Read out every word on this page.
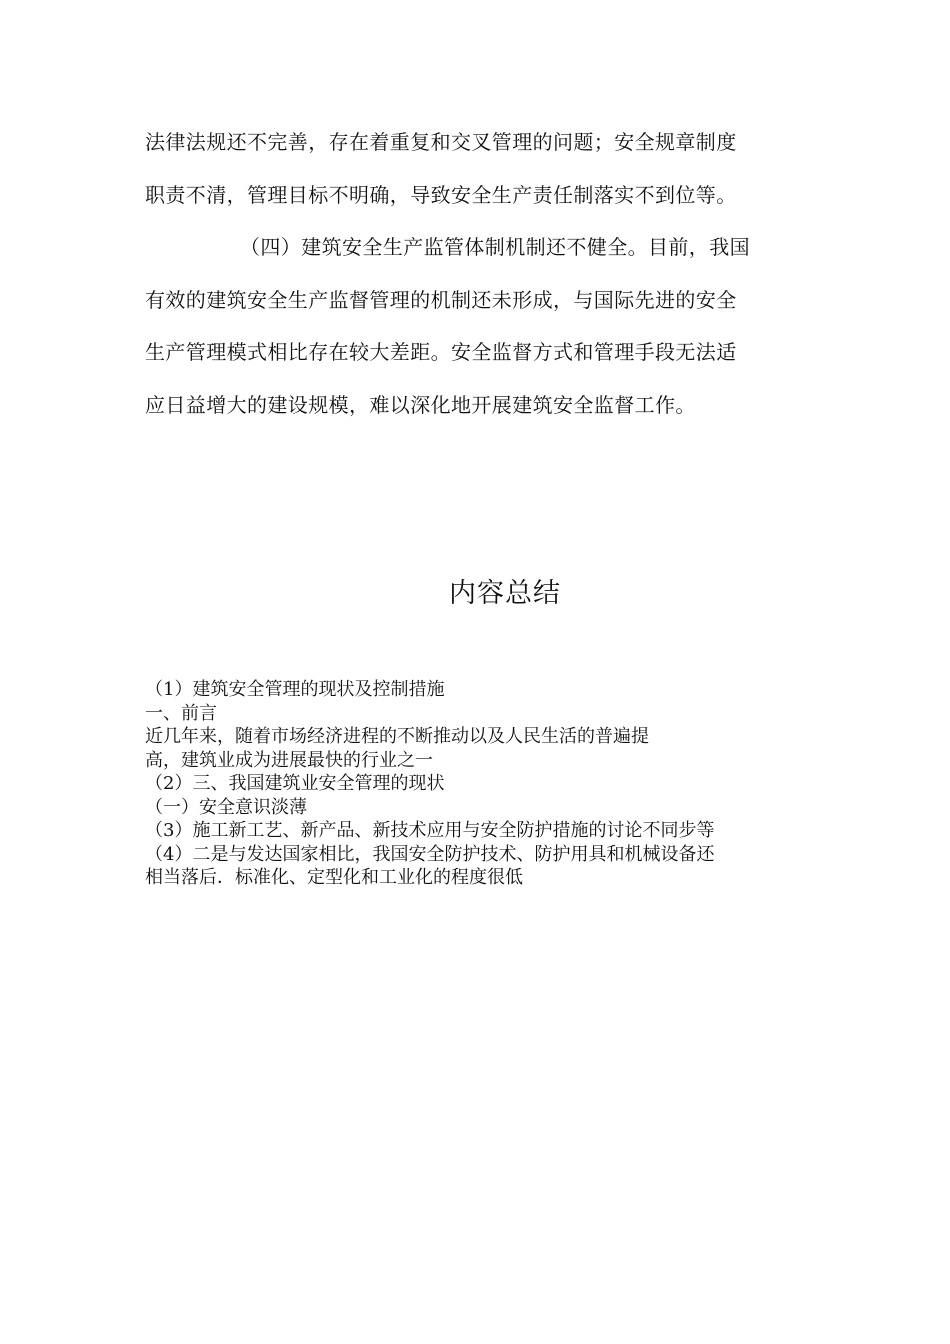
法律法规还不完善，存在着重复和交叉管理的问题；安全规章制度

职责不清，管理目标不明确，导致安全生产责任制落实不到位等。

（四）建筑安全生产监管体制机制还不健全。目前，我国

有效的建筑安全生产监督管理的机制还未形成，与国际先进的安全

生产管理模式相比存在较大差距。安全监督方式和管理手段无法适

应日益增大的建设规模，难以深化地开展建筑安全监督工作。

内容总结
（1）建筑安全管理的现状及控制措施
一、前言
近几年来，随着市场经济进程的不断推动以及人民生活的普遍提
高，建筑业成为进展最快的行业之一
（2）三、我国建筑业安全管理的现状
（一）安全意识淡薄
（3）施工新工艺、新产品、新技术应用与安全防护措施的讨论不同步等
（4）二是与发达国家相比，我国安全防护技术、防护用具和机械设备还
相当落后．标准化、定型化和工业化的程度很低
